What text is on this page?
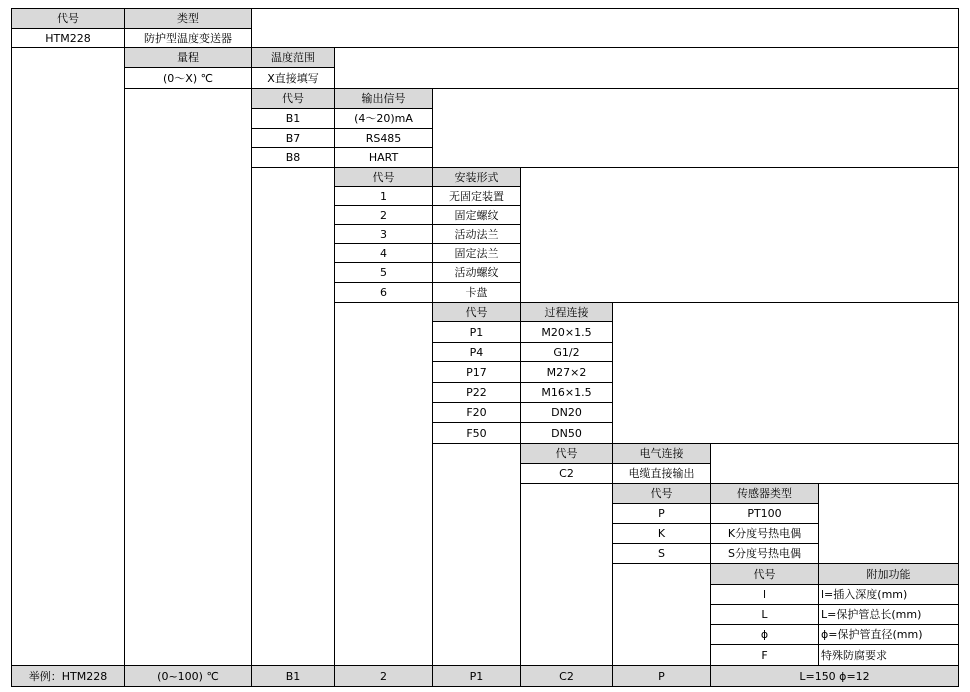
代号	类型
HTM228	防护型温度变送器
量程	温度范围
(0～X) ℃	X直接填写
代号	输出信号
B1	(4～20)mA
B7	RS485
B8	HART
代号	安装形式
1	无固定装置
2	固定螺纹
3	活动法兰
4	固定法兰
5	活动螺纹
6	卡盘
代号	过程连接
P1	M20×1.5
P4	G1/2
P17	M27×2
P22	M16×1.5
F20	DN20
F50	DN50
代号	电气连接
C2	电缆直接输出
代号	传感器类型
P	PT100
K	K分度号热电偶
S	S分度号热电偶
代号	附加功能
l	l=插入深度(mm)
L	L=保护管总长(mm)
ϕ	ϕ=保护管直径(mm)
F	特殊防腐要求
举例：HTM228	(0~100) ℃	B1	2	P1	C2	P	L=150 ϕ=12
